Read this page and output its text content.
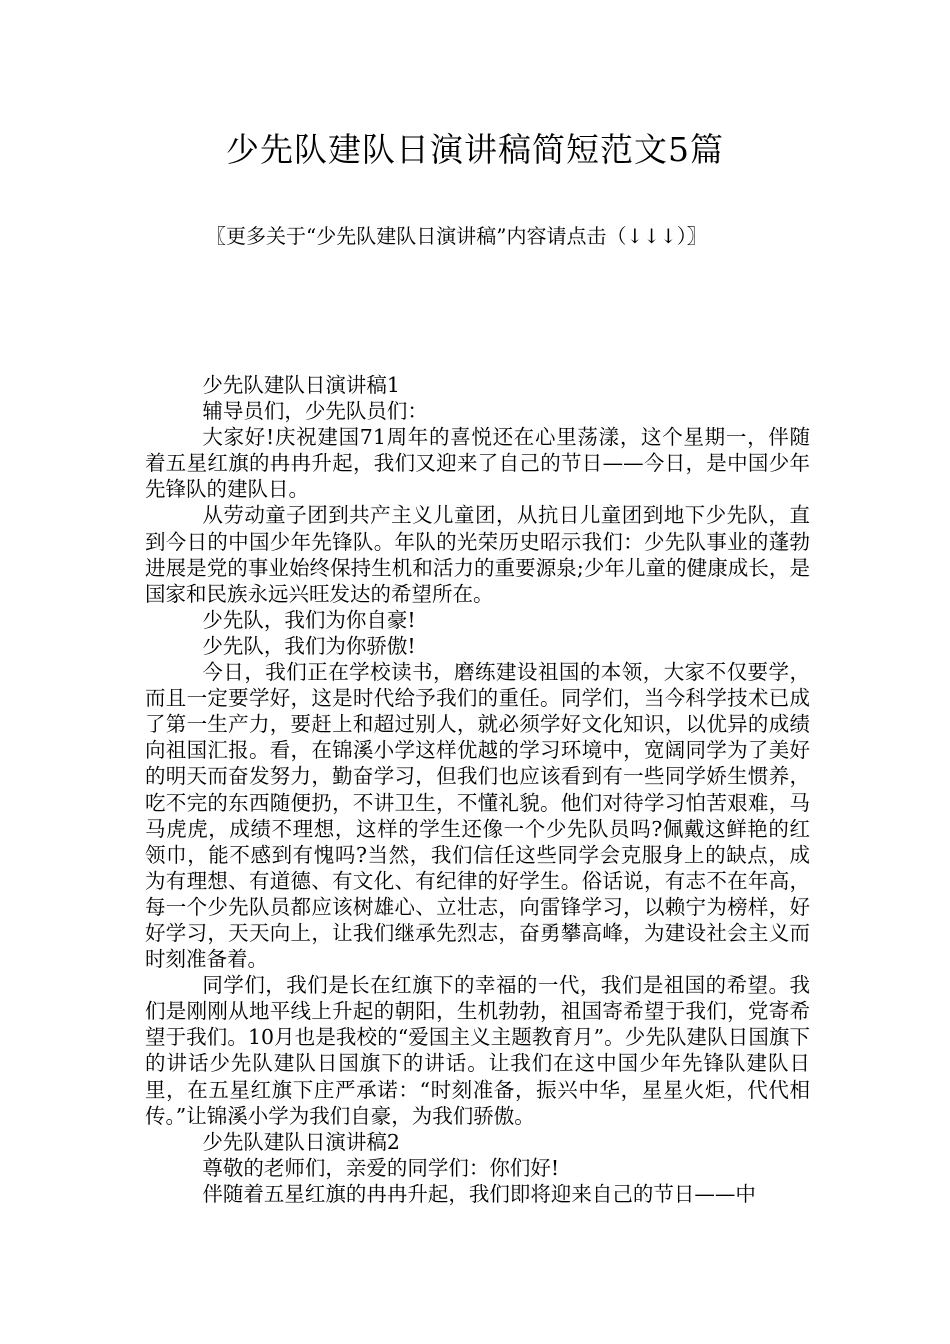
少先队建队日演讲稿简短范文5篇
〖更多关于“少先队建队日演讲稿”内容请点击（↓↓↓）〗

少先队建队日演讲稿1

辅导员们，少先队员们：

大家好!庆祝建国71周年的喜悦还在心里荡漾，这个星期一，伴随着五星红旗的冉冉升起，我们又迎来了自己的节日——今日，是中国少年先锋队的建队日。

从劳动童子团到共产主义儿童团，从抗日儿童团到地下少先队，直到今日的中国少年先锋队。年队的光荣历史昭示我们：少先队事业的蓬勃进展是党的事业始终保持生机和活力的重要源泉;少年儿童的健康成长，是国家和民族永远兴旺发达的希望所在。

少先队，我们为你自豪!

少先队，我们为你骄傲!

今日，我们正在学校读书，磨练建设祖国的本领，大家不仅要学，而且一定要学好，这是时代给予我们的重任。同学们，当今科学技术已成了第一生产力，要赶上和超过别人，就必须学好文化知识，以优异的成绩向祖国汇报。看，在锦溪小学这样优越的学习环境中，宽阔同学为了美好的明天而奋发努力，勤奋学习，但我们也应该看到有一些同学娇生惯养，吃不完的东西随便扔，不讲卫生，不懂礼貌。他们对待学习怕苦艰难，马马虎虎，成绩不理想，这样的学生还像一个少先队员吗?佩戴这鲜艳的红领巾，能不感到有愧吗?当然，我们信任这些同学会克服身上的缺点，成为有理想、有道德、有文化、有纪律的好学生。俗话说，有志不在年高，每一个少先队员都应该树雄心、立壮志，向雷锋学习，以赖宁为榜样，好好学习，天天向上，让我们继承先烈志，奋勇攀高峰，为建设社会主义而时刻准备着。

同学们，我们是长在红旗下的幸福的一代，我们是祖国的希望。我们是刚刚从地平线上升起的朝阳，生机勃勃，祖国寄希望于我们，党寄希望于我们。10月也是我校的“爱国主义主题教育月”。少先队建队日国旗下的讲话少先队建队日国旗下的讲话。让我们在这中国少年先锋队建队日里，在五星红旗下庄严承诺：“时刻准备，振兴中华，星星火炬，代代相传。”让锦溪小学为我们自豪，为我们骄傲。

少先队建队日演讲稿2

尊敬的老师们，亲爱的同学们：你们好!

伴随着五星红旗的冉冉升起，我们即将迎来自己的节日——中
